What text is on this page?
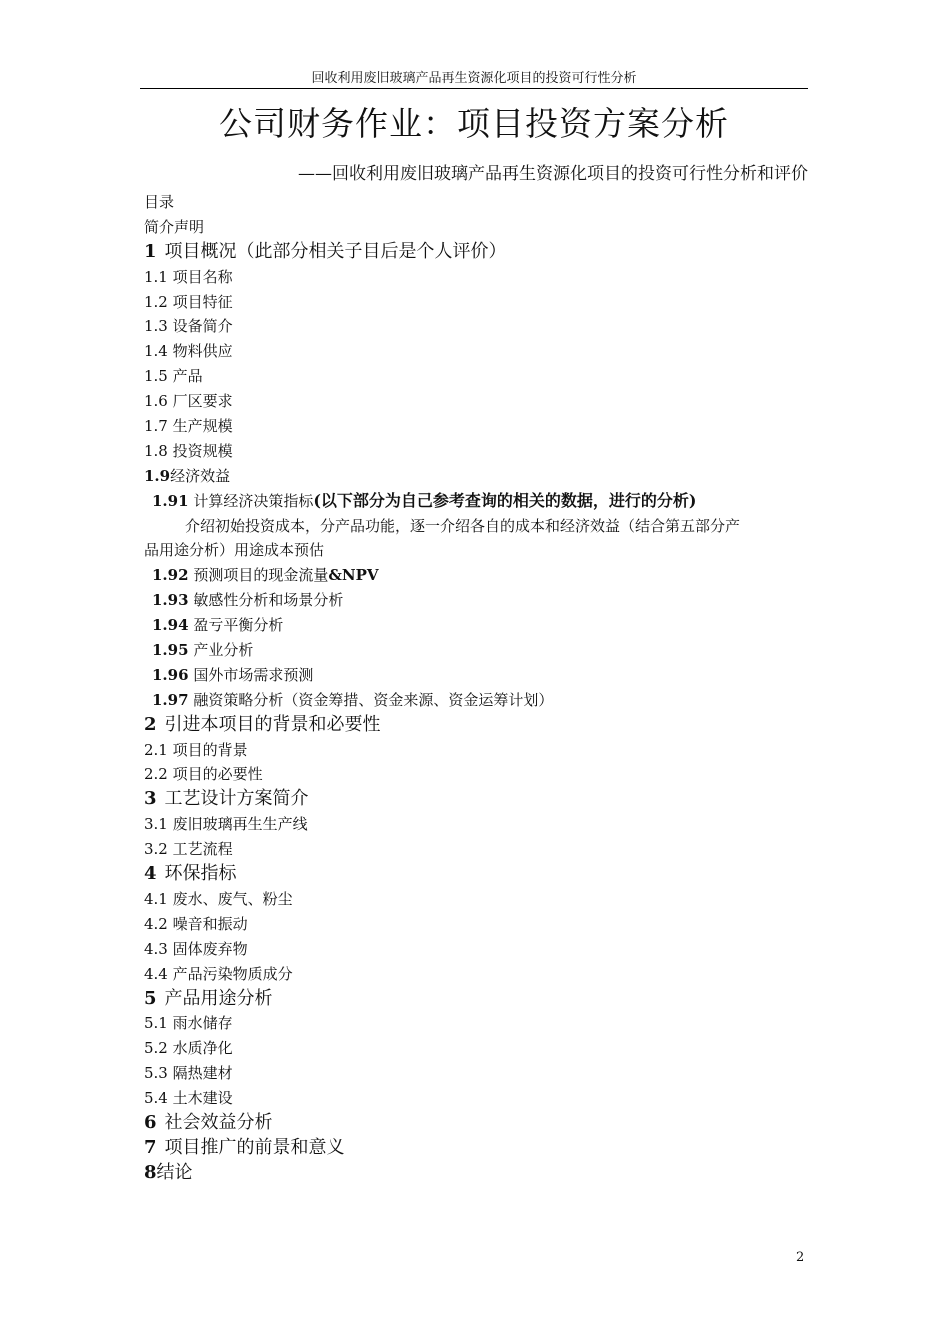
回收利用废旧玻璃产品再生资源化项目的投资可行性分析
公司财务作业：项目投资方案分析
——回收利用废旧玻璃产品再生资源化项目的投资可行性分析和评价
目录
简介声明
1 项目概况（此部分相关子目后是个人评价）
1.1 项目名称
1.2 项目特征
1.3 设备简介
1.4 物料供应
1.5 产品
1.6 厂区要求
1.7 生产规模
1.8 投资规模
1.9经济效益
1.91 计算经济决策指标(以下部分为自己参考查询的相关的数据，进行的分析)
介绍初始投资成本，分产品功能，逐一介绍各自的成本和经济效益（结合第五部分产
品用途分析）用途成本预估
1.92 预测项目的现金流量&NPV
1.93 敏感性分析和场景分析
1.94 盈亏平衡分析
1.95 产业分析
1.96 国外市场需求预测
1.97 融资策略分析（资金筹措、资金来源、资金运筹计划）
2 引进本项目的背景和必要性
2.1 项目的背景
2.2 项目的必要性
3 工艺设计方案简介
3.1 废旧玻璃再生生产线
3.2 工艺流程
4 环保指标
4.1 废水、废气、粉尘
4.2 噪音和振动
4.3 固体废弃物
4.4 产品污染物质成分
5 产品用途分析
5.1 雨水储存
5.2 水质净化
5.3 隔热建材
5.4 土木建设
6 社会效益分析
7 项目推广的前景和意义
8结论
2
